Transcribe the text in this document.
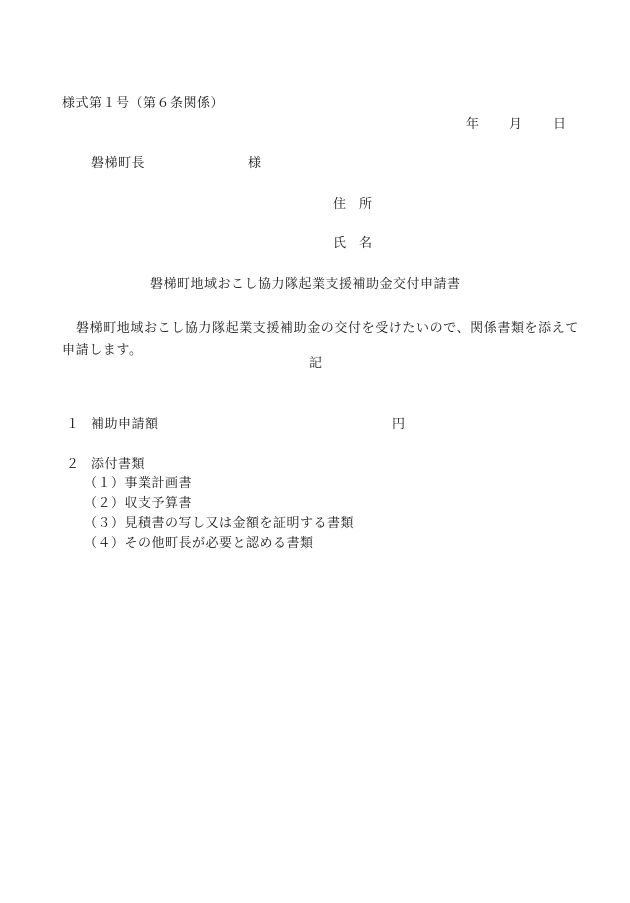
様式第１号（第６条関係）
年 月 日
磐梯町長	様
住　所
氏　名
磐梯町地域おこし協力隊起業支援補助金交付申請書
磐梯町地域おこし協力隊起業支援補助金の交付を受けたいので、関係書類を添えて申請します。
記
１ 補助申請額	円
２ 添付書類
（１）事業計画書
（２）収支予算書
（３）見積書の写し又は金額を証明する書類
（４）その他町長が必要と認める書類
